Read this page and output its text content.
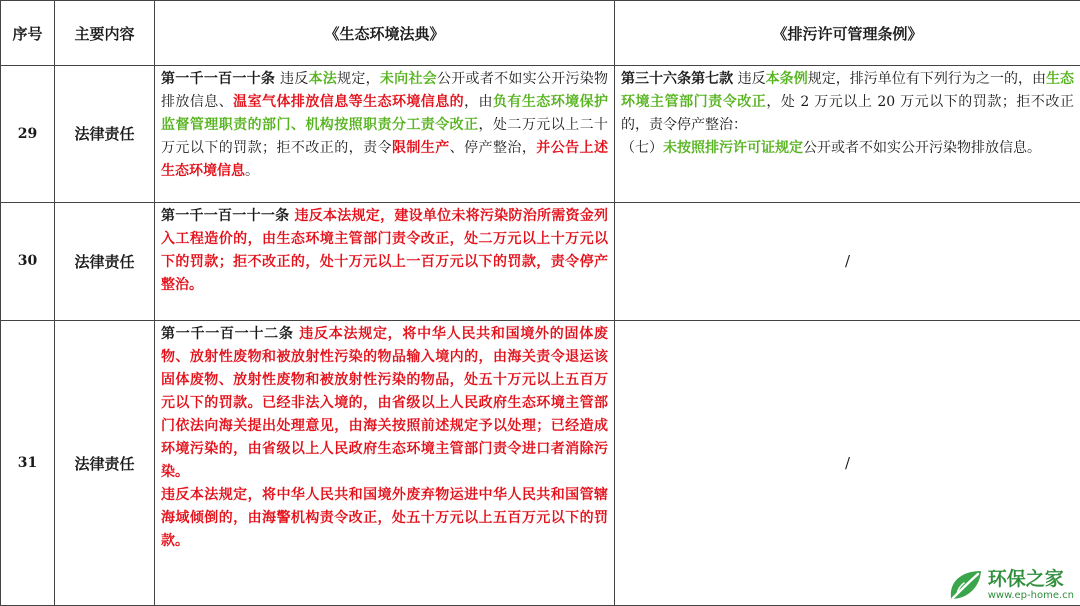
序号	主要内容	《生态环境法典》	《排污许可管理条例》
29	法律责任	第一千一百一十条 违反本法规定，未向社会公开或者不如实公开污染物排放信息、温室气体排放信息等生态环境信息的，由负有生态环境保护监督管理职责的部门、机构按照职责分工责令改正，处二万元以上二十万元以下的罚款；拒不改正的，责令限制生产、停产整治，并公告上述生态环境信息。	第三十六条第七款 违反本条例规定，排污单位有下列行为之一的，由生态环境主管部门责令改正，处 2 万元以上 20 万元以下的罚款；拒不改正的，责令停产整治：
（七）未按照排污许可证规定公开或者不如实公开污染物排放信息。
30	法律责任	第一千一百一十一条 违反本法规定，建设单位未将污染防治所需资金列入工程造价的，由生态环境主管部门责令改正，处二万元以上十万元以下的罚款；拒不改正的，处十万元以上一百万元以下的罚款，责令停产整治。	/
31	法律责任	第一千一百一十二条 违反本法规定，将中华人民共和国境外的固体废物、放射性废物和被放射性污染的物品输入境内的，由海关责令退运该固体废物、放射性废物和被放射性污染的物品，处五十万元以上五百万元以下的罚款。已经非法入境的，由省级以上人民政府生态环境主管部门依法向海关提出处理意见，由海关按照前述规定予以处理；已经造成环境污染的，由省级以上人民政府生态环境主管部门责令进口者消除污染。
违反本法规定，将中华人民共和国境外废弃物运进中华人民共和国管辖海域倾倒的，由海警机构责令改正，处五十万元以上五百万元以下的罚款。	/
环保之家
www.ep-home.cn
